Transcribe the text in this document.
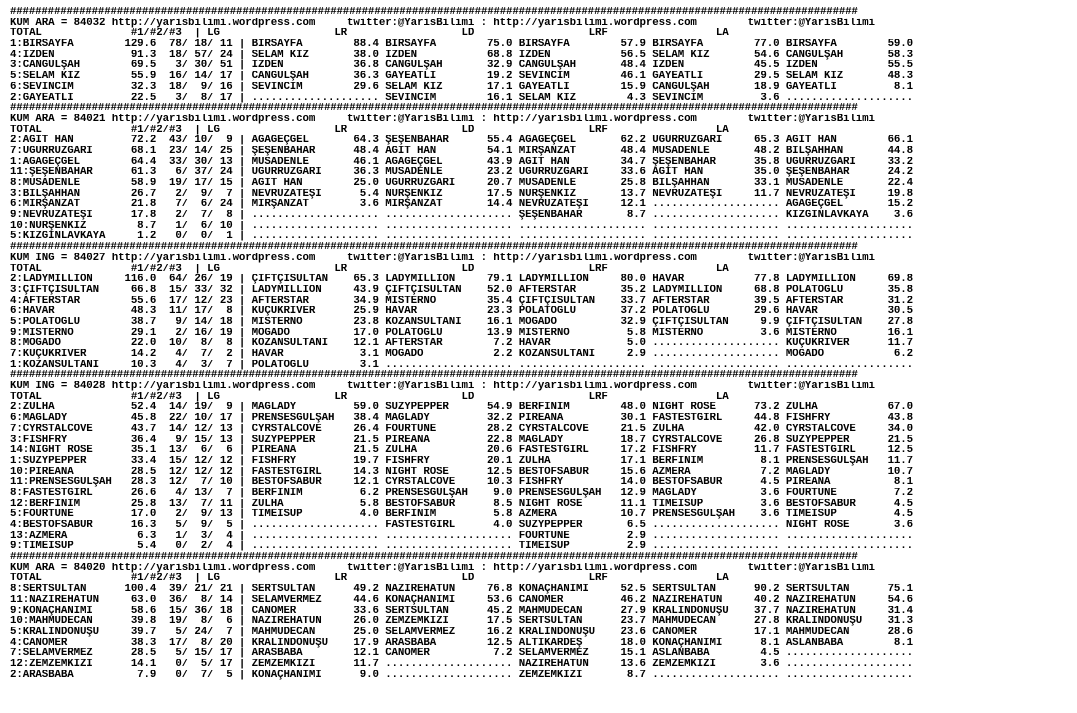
#######################################################################################################################################
KUM ARA = 84032 http://yarisbilimi.wordpress.com     twitter:@YarisBilimi : http://yarisbilimi.wordpress.com        twitter:@YarisBilimi
TOTAL              #1/#2/#3  | LG                  LR                  LD                  LRF                 LA
1:BİRSAYFA        129.6  78/ 18/ 11 | BİRSAYFA        88.4 BİRSAYFA        75.0 BİRSAYFA        57.9 BİRSAYFA        77.0 BİRSAYFA        59.0
4:İZDEN            91.3  18/ 57/ 24 | SELAM KIZ       38.0 İZDEN           68.8 İZDEN           56.5 SELAM KIZ       54.6 CANGÜLŞAH       58.3
3:CANGÜLŞAH        69.5   3/ 30/ 51 | İZDEN           36.8 CANGÜLŞAH       32.9 CANGÜLŞAH       48.4 İZDEN           45.5 İZDEN           55.5
5:SELAM KIZ        55.9  16/ 14/ 17 | CANGÜLŞAH       36.3 GAYEATLI        19.2 SEVİNCİM        46.1 GAYEATLI        29.5 SELAM KIZ       48.3
6:SEVİNCİM         32.3  18/  9/ 16 | SEVİNCİM        29.6 SELAM KIZ       17.1 GAYEATLI        15.9 CANGÜLŞAH       18.9 GAYEATLI         8.1
2:GAYEATLI         22.5   3/  8/ 17 | .................... SEVİNCİM        16.1 SELAM KIZ        4.3 SEVİNCİM         3.6 ....................
#######################################################################################################################################
KUM ARA = 84021 http://yarisbilimi.wordpress.com     twitter:@YarisBilimi : http://yarisbilimi.wordpress.com        twitter:@YarisBilimi
TOTAL              #1/#2/#3  | LG                  LR                  LD                  LRF                 LA
2:AĞIT HAN         72.2  43/ 10/  9 | AĞAGEÇGEL       64.3 ŞEŞENBAHAR      55.4 AĞAGEÇGEL       62.2 UĞURRÜZGARI     65.3 AĞIT HAN        66.1
7:UĞURRÜZGARI      68.1  23/ 14/ 25 | ŞEŞENBAHAR      48.4 AĞIT HAN        54.1 MİRŞANZAT       48.4 MÜSADENLE       48.2 BİLŞAHHAN       44.8
1:AĞAGEÇGEL        64.4  33/ 30/ 13 | MÜSADENLE       46.1 AĞAGEÇGEL       43.9 AĞIT HAN        34.7 ŞEŞENBAHAR      35.8 UĞURRÜZGARI     33.2
11:ŞEŞENBAHAR      61.3   6/ 37/ 24 | UĞURRÜZGARI     36.3 MÜSADENLE       23.2 UĞURRÜZGARI     33.6 AĞIT HAN        35.0 ŞEŞENBAHAR      24.2
8:MÜSADENLE        58.9  19/ 17/ 15 | AĞIT HAN        25.0 UĞURRÜZGARI     20.7 MÜSADENLE       25.8 BİLŞAHHAN       33.1 MÜSADENLE       22.4
3:BİLŞAHHAN        26.7   2/  9/  7 | NEVRUZATEŞİ      5.4 NURŞENKIZ       17.5 NURŞENKIZ       13.7 NEVRUZATEŞİ     11.7 NEVRUZATEŞİ     19.8
6:MİRŞANZAT        21.8   7/  6/ 24 | MİRŞANZAT        3.6 MİRŞANZAT       14.4 NEVRUZATEŞİ     12.1 .................... AĞAGEÇGEL       15.2
9:NEVRUZATEŞİ      17.8   2/  7/  8 | .................... .................... ŞEŞENBAHAR       8.7 .................... KIZGINLAVKAYA    3.6
10:NURŞENKIZ        8.7   1/  6/ 10 | .................... .................... .................... .................... ....................
5:KIZGINLAVKAYA     1.2   0/  0/  1 | .................... .................... .................... .................... ....................
#######################################################################################################################################
KUM ING = 84027 http://yarisbilimi.wordpress.com     twitter:@YarisBilimi : http://yarisbilimi.wordpress.com        twitter:@YarisBilimi
TOTAL              #1/#2/#3  | LG                  LR                  LD                  LRF                 LA
2:LADYMILLION     116.0  64/ 26/ 19 | ÇİFTÇİSULTAN    65.3 LADYMILLION     79.1 LADYMILLION     80.0 HAVAR           77.8 LADYMILLION     69.8
3:ÇİFTÇİSULTAN     66.8  15/ 33/ 32 | LADYMILLION     43.9 ÇİFTÇİSULTAN    52.0 AFTERSTAR       35.2 LADYMILLION     68.8 POLATOĞLU       35.8
4:AFTERSTAR        55.6  17/ 12/ 23 | AFTERSTAR       34.9 MİSTERNO        35.4 ÇİFTÇİSULTAN    33.7 AFTERSTAR       39.5 AFTERSTAR       31.2
6:HAVAR            48.3  11/ 17/  8 | KÜÇÜKRIVER      25.9 HAVAR           23.3 POLATOĞLU       37.2 POLATOĞLU       29.6 HAVAR           30.5
5:POLATOĞLU        38.7   9/ 14/ 18 | MİSTERNO        23.8 KOZANSULTANI    16.1 MOGADO          32.9 ÇİFTÇİSULTAN     9.9 ÇİFTÇİSULTAN    27.8
9:MİSTERNO         29.1   2/ 16/ 19 | MOGADO          17.0 POLATOĞLU       13.9 MİSTERNO         5.8 MİSTERNO         3.6 MİSTERNO        16.1
8:MOGADO           22.0  10/  8/  8 | KOZANSULTANI    12.1 AFTERSTAR        7.2 HAVAR            5.0 .................... KÜÇÜKRIVER      11.7
7:KÜÇÜKRIVER       14.2   4/  7/  2 | HAVAR            3.1 MOGADO           2.2 KOZANSULTANI     2.9 .................... MOGADO           6.2
1:KOZANSULTANI     10.3   4/  3/  7 | POLATOĞLU        3.1 .................... .................... .................... ....................
#######################################################################################################################################
KUM ING = 84028 http://yarisbilimi.wordpress.com     twitter:@YarisBilimi : http://yarisbilimi.wordpress.com        twitter:@YarisBilimi
TOTAL              #1/#2/#3  | LG                  LR                  LD                  LRF                 LA
2:ZÜLHA            52.4  14/ 19/  9 | MAGLADY         59.0 SUZYPEPPER      54.9 BERFİNİM        48.0 NIGHT ROSE      73.2 ZÜLHA           67.0
6:MAGLADY          45.8  22/ 10/ 17 | PRENSESGÜLŞAH   38.4 MAGLADY         32.2 PİREANA         30.1 FASTESTGIRL     44.8 FISHFRY         43.8
7:CYRSTALCOVE      43.7  14/ 12/ 13 | CYRSTALCOVE     26.4 FOURTUNE        28.2 CYRSTALCOVE     21.5 ZÜLHA           42.0 CYRSTALCOVE     34.0
3:FISHFRY          36.4   9/ 15/ 13 | SUZYPEPPER      21.5 PİREANA         22.8 MAGLADY         18.7 CYRSTALCOVE     26.8 SUZYPEPPER      21.5
14:NIGHT ROSE      35.1  13/  6/  6 | PİREANA         21.5 ZÜLHA           20.6 FASTESTGIRL     17.2 FISHFRY         11.7 FASTESTGIRL     12.5
1:SUZYPEPPER       33.4  15/ 12/ 12 | FISHFRY         19.7 FISHFRY         20.1 ZÜLHA           17.1 BERFİNİM         8.1 PRENSESGÜLŞAH   11.7
10:PİREANA         28.5  12/ 12/ 12 | FASTESTGIRL     14.3 NIGHT ROSE      12.5 BESTOFSABUR     15.6 AZMERA           7.2 MAGLADY         10.7
11:PRENSESGÜLŞAH   28.3  12/  7/ 10 | BESTOFSABUR     12.1 CYRSTALCOVE     10.3 FISHFRY         14.0 BESTOFSABUR      4.5 PİREANA          8.1
8:FASTESTGIRL      26.6   4/ 13/  7 | BERFİNİM         6.2 PRENSESGÜLŞAH    9.0 PRENSESGÜLŞAH   12.9 MAGLADY          3.6 FOURTUNE         7.2
12:BERFİNİM        25.8  13/  7/ 11 | ZÜLHA            5.8 BESTOFSABUR      8.5 NIGHT ROSE      11.1 TIMEISUP         3.6 BESTOFSABUR      4.5
5:FOURTUNE         17.0   2/  9/ 13 | TIMEISUP         4.0 BERFİNİM         5.8 AZMERA          10.7 PRENSESGÜLŞAH    3.6 TIMEISUP         4.5
4:BESTOFSABUR      16.3   5/  9/  5 | .................... FASTESTGIRL      4.0 SUZYPEPPER       6.5 .................... NIGHT ROSE       3.6
13:AZMERA           6.3   1/  3/  4 | .................... .................... FOURTUNE         2.9 .................... ....................
9:TIMEISUP          5.4   0/  2/  4 | .................... .................... TIMEISUP         2.9 .................... ....................
#######################################################################################################################################
KUM ARA = 84020 http://yarisbilimi.wordpress.com     twitter:@YarisBilimi : http://yarisbilimi.wordpress.com        twitter:@YarisBilimi
TOTAL              #1/#2/#3  | LG                  LR                  LD                  LRF                 LA
8:SERTSULTAN      100.4  39/ 21/ 21 | SERTSULTAN      49.2 NAZİREHATUN     76.8 KONAÇHANIMI     52.5 SERTSULTAN      90.2 SERTSULTAN      75.1
11:NAZİREHATUN     63.0  36/  8/ 14 | SELAMVERMEZ     44.6 KONAÇHANIMI     53.6 CANÖMER         46.2 NAZİREHATUN     40.2 NAZİREHATUN     54.6
9:KONAÇHANIMI      58.6  15/ 36/ 18 | CANÖMER         33.6 SERTSULTAN      45.2 MAHMUDECAN      27.9 KRALINDÖNÜŞÜ    37.7 NAZİREHATUN     31.4
10:MAHMUDECAN      39.8  19/  8/  6 | NAZİREHATUN     26.0 ZEMZEMKIZI      17.5 SERTSULTAN      23.7 MAHMUDECAN      27.8 KRALINDÖNÜŞÜ    31.3
5:KRALINDÖNÜŞÜ     39.7   5/ 24/  7 | MAHMUDECAN      25.0 SELAMVERMEZ     16.2 KRALINDÖNÜŞÜ    23.6 CANÖMER         17.1 MAHMUDECAN      28.6
4:CANÖMER          38.3  17/  8/ 20 | KRALINDÖNÜŞÜ    17.9 ARASBABA        12.5 ALTIKARDEŞ      18.0 KONAÇHANIMI      8.1 ASLANBABA        8.1
7:SELAMVERMEZ      28.5   5/ 15/ 17 | ARASBABA        12.1 CANÖMER          7.2 SELAMVERMEZ     15.1 ASLANBABA        4.5 ....................
12:ZEMZEMKIZI      14.1   0/  5/ 17 | ZEMZEMKIZI      11.7 .................... NAZİREHATUN     13.6 ZEMZEMKIZI       3.6 ....................
2:ARASBABA          7.9   0/  7/  5 | KONAÇHANIMI      9.0 .................... ZEMZEMKIZI       8.7 .................... ....................
